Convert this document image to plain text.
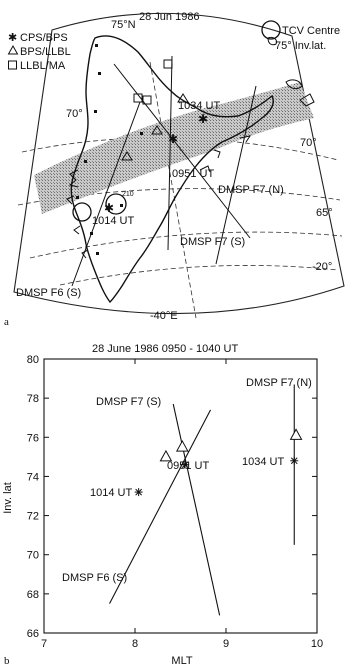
✱
✱
✱
28 Jun 1986
75°N
✱ CPS/BPS
BPS/LLBL
LLBL/MA
TCV Centre
75° Inv.lat.
70°
70°
65°
-20°
-40°E
1034 UT
0951 UT
1014 UT
210	DMSP F7 (N)
DMSP F7 (S)
DMSP F6 (S)
a
28 June 1986 0950 - 1040 UT
7	8	9	10
66
68
70
72
74
76
78
80
Inv. lat
MLT
b
DMSP F7 (N)
DMSP F7 (S)
DMSP F6 (S)
0951 UT
1014 UT
1034 UT
